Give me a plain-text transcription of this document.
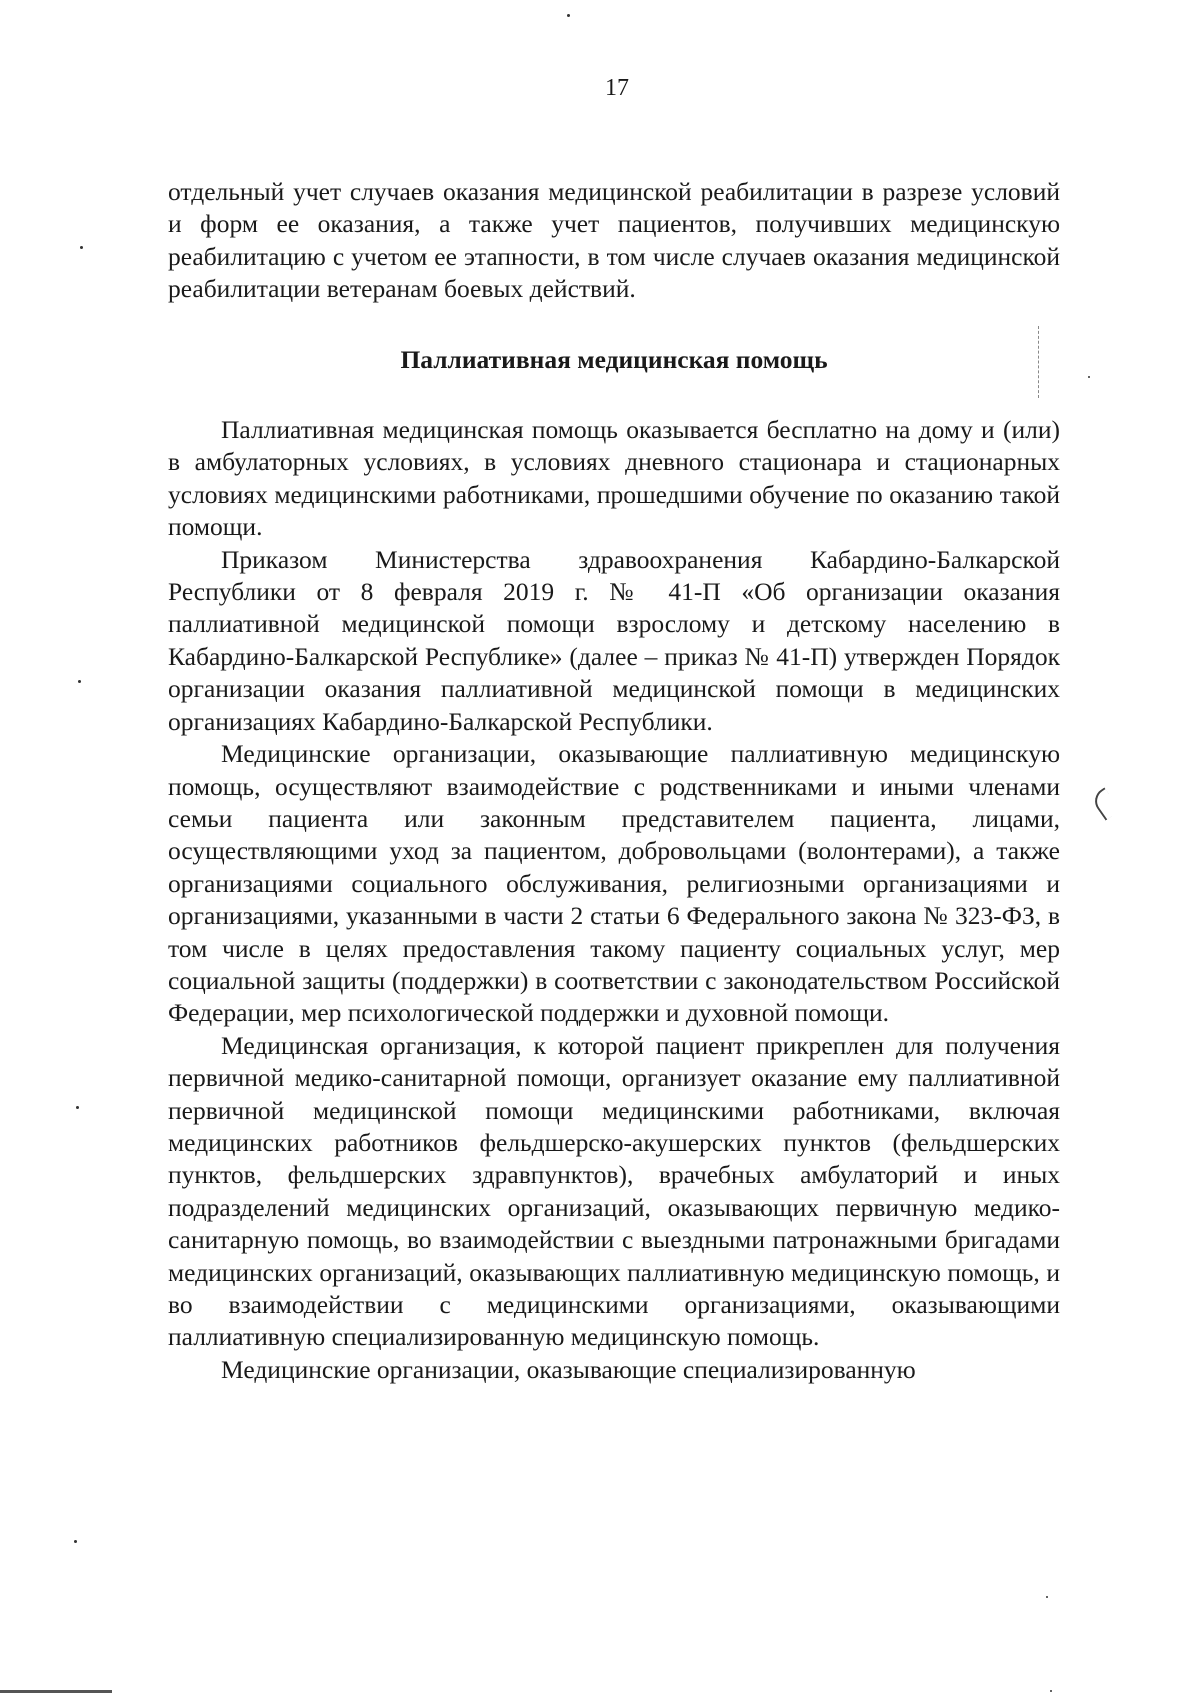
17

отдельный учет случаев оказания медицинской реабилитации в разрезе условий и форм ее оказания, а также учет пациентов, получивших медицинскую реабилитацию с учетом ее этапности, в том числе случаев оказания медицинской реабилитации ветеранам боевых действий.

Паллиативная медицинская помощь

Паллиативная медицинская помощь оказывается бесплатно на дому и (или) в амбулаторных условиях, в условиях дневного стационара и стационарных условиях медицинскими работниками, прошедшими обучение по оказанию такой помощи.

Приказом Министерства здравоохранения Кабардино-Балкарской Республики от 8 февраля 2019 г. № 41-П «Об организации оказания паллиативной медицинской помощи взрослому и детскому населению в Кабардино-Балкарской Республике» (далее – приказ № 41-П) утвержден Порядок организации оказания паллиативной медицинской помощи в медицинских организациях Кабардино-Балкарской Республики.

Медицинские организации, оказывающие паллиативную медицинскую помощь, осуществляют взаимодействие с родственниками и иными членами семьи пациента или законным представителем пациента, лицами, осуществляющими уход за пациентом, добровольцами (волонтерами), а также организациями социального обслуживания, религиозными организациями и организациями, указанными в части 2 статьи 6 Федерального закона № 323-ФЗ, в том числе в целях предоставления такому пациенту социальных услуг, мер социальной защиты (поддержки) в соответствии с законодательством Российской Федерации, мер психологической поддержки и духовной помощи.

Медицинская организация, к которой пациент прикреплен для получения первичной медико-санитарной помощи, организует оказание ему паллиативной первичной медицинской помощи медицинскими работниками, включая медицинских работников фельдшерско-акушерских пунктов (фельдшерских пунктов, фельдшерских здравпунктов), врачебных амбулаторий и иных подразделений медицинских организаций, оказывающих первичную медико-санитарную помощь, во взаимодействии с выездными патронажными бригадами медицинских организаций, оказывающих паллиативную медицинскую помощь, и во взаимодействии с медицинскими организациями, оказывающими паллиативную специализированную медицинскую помощь.

Медицинские организации, оказывающие специализированную
